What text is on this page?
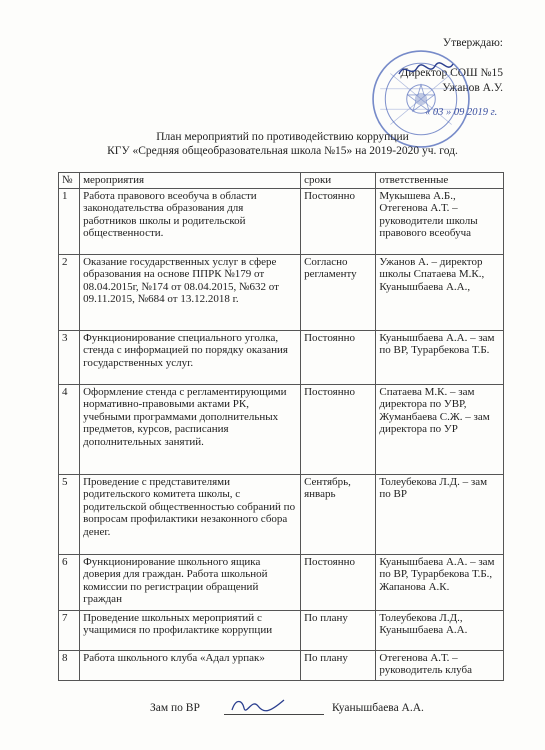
Утверждаю:
Директор СОШ №15
Ужанов А.У.
« 03 » 09 2019 г.
План мероприятий по противодействию коррупции
КГУ «Средняя общеобразовательная школа №15» на 2019-2020 уч. год.
№	мероприятия	сроки	ответственные
1	Работа правового всеобуча в области законодательства образования для работников школы и родительской общественности.	Постоянно	Мукышева А.Б., Отегенова А.Т. – руководители школы правового всеобуча
2	Оказание государственных услуг в сфере образования на основе ППРК №179 от 08.04.2015г, №174 от 08.04.2015, №632 от 09.11.2015, №684 от 13.12.2018 г.	Согласно регламенту	Ужанов А. – директор школы Спатаева М.К., Куанышбаева А.А.,
3	Функционирование специального уголка, стенда с информацией по порядку оказания государственных услуг.	Постоянно	Куанышбаева А.А. – зам по ВР, Турарбекова Т.Б.
4	Оформление стенда с регламентирующими нормативно-правовыми актами РК, учебными программами дополнительных предметов, курсов, расписания дополнительных занятий.	Постоянно	Спатаева М.К. – зам директора по УВР, Жуманбаева С.Ж. – зам директора по УР
5	Проведение с представителями родительского комитета школы, с родительской общественностью собраний по вопросам профилактики незаконного сбора денег.	Сентябрь, январь	Толеубекова Л.Д. – зам по ВР
6	Функционирование школьного ящика доверия для граждан. Работа школьной комиссии по регистрации обращений граждан	Постоянно	Куанышбаева А.А. – зам по ВР, Турарбекова Т.Б., Жапанова А.К.
7	Проведение школьных мероприятий с учащимися по профилактике коррупции	По плану	Толеубекова Л.Д., Куанышбаева А.А.
8	Работа школьного клуба «Адал урпак»	По плану	Отегенова А.Т. – руководитель клуба
Зам по ВР	Куанышбаева А.А.
